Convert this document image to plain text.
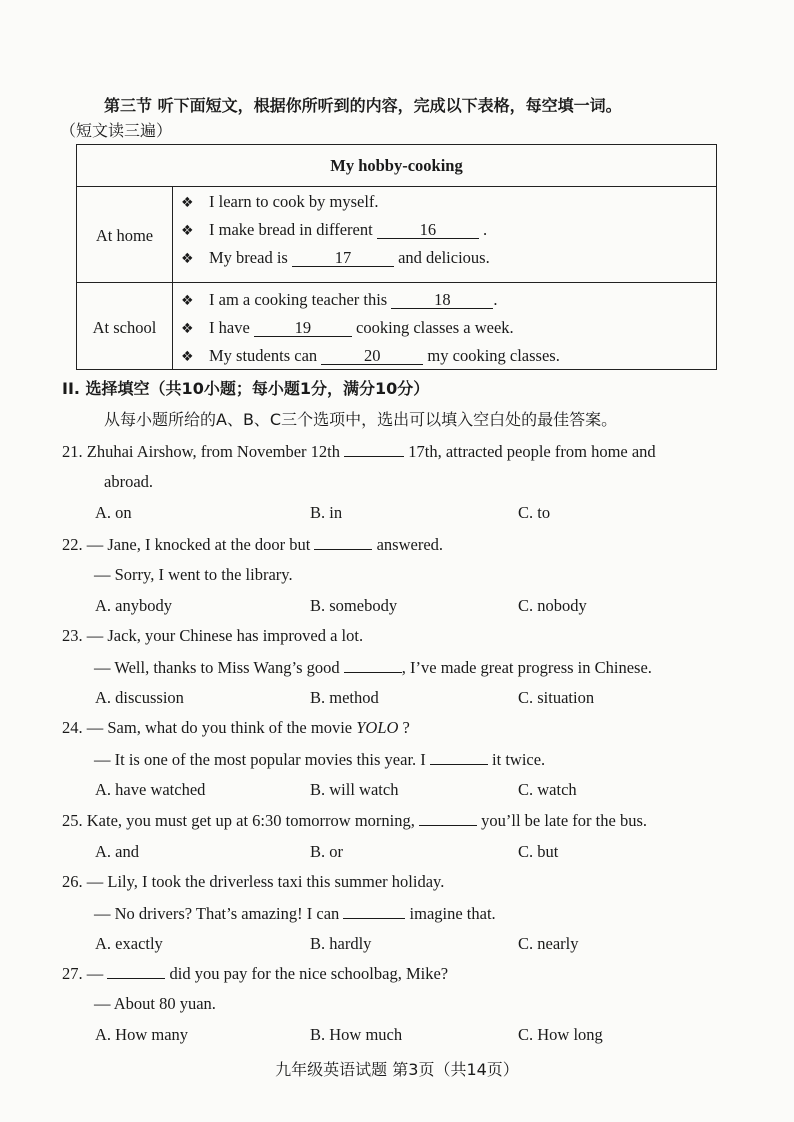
第三节 听下面短文，根据你所听到的内容，完成以下表格，每空填一词。
（短文读三遍）
My hobby-cooking
At home
❖ I learn to cook by myself.
❖ I make bread in different	16	.
❖ My bread is	17	and delicious.
At school
❖ I am a cooking teacher this	18	.
❖ I have	19	cooking classes a week.
❖ My students can	20	my cooking classes.
II. 选择填空（共10小题；每小题1分，满分10分）
从每小题所给的A、B、C三个选项中，选出可以填入空白处的最佳答案。
21. Zhuhai Airshow, from November 12th	17th, attracted people from home and
abroad.
A. on	B. in	C. to
22. — Jane, I knocked at the door but	answered.
— Sorry, I went to the library.
A. anybody	B. somebody	C. nobody
23. — Jack, your Chinese has improved a lot.
— Well, thanks to Miss Wang’s good	, I’ve made great progress in Chinese.
A. discussion	B. method	C. situation
24. — Sam, what do you think of the movie YOLO ?
— It is one of the most popular movies this year. I	it twice.
A. have watched	B. will watch	C. watch
25. Kate, you must get up at 6:30 tomorrow morning,	you’ll be late for the bus.
A. and	B. or	C. but
26. — Lily, I took the driverless taxi this summer holiday.
— No drivers? That’s amazing! I can	imagine that.
A. exactly	B. hardly	C. nearly
27. —	did you pay for the nice schoolbag, Mike?
— About 80 yuan.
A. How many	B. How much	C. How long
九年级英语试题 第3页（共14页）
